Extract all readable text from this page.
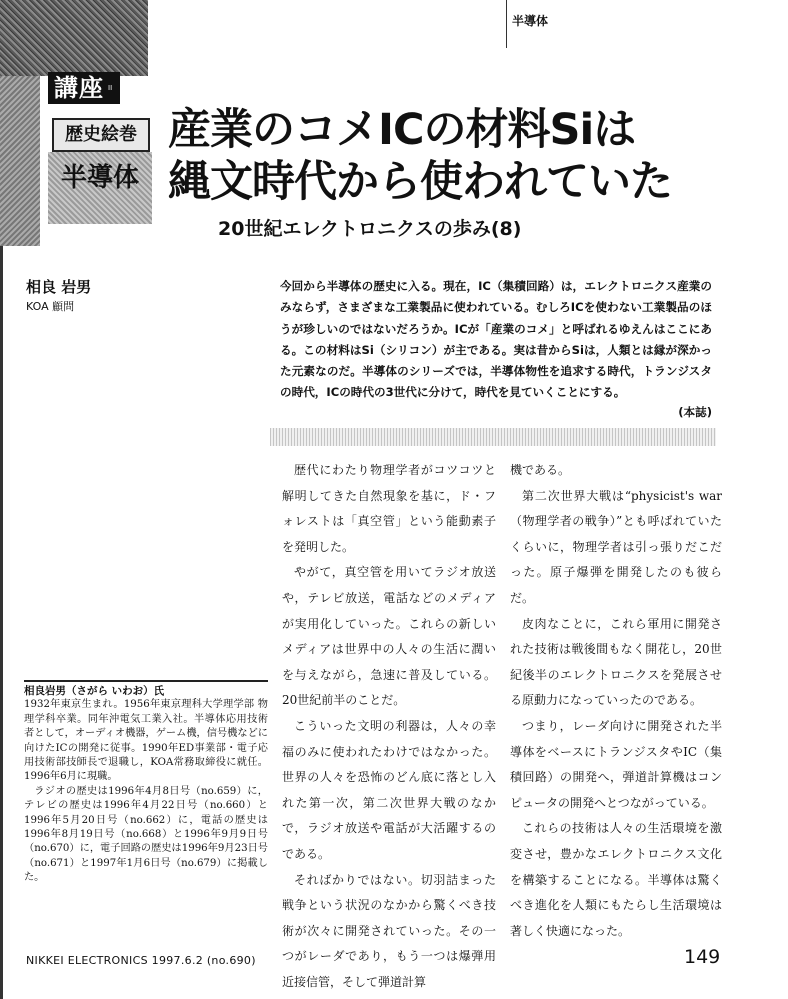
講座 II
歴史絵巻
半導体
半導体
産業のコメICの材料Siは
縄文時代から使われていた
20世紀エレクトロニクスの歩み(8)
相良 岩男
KOA 顧問
今回から半導体の歴史に入る。現在，IC（集積回路）は，エレクトロニクス産業のみならず，さまざまな工業製品に使われている。むしろICを使わない工業製品のほうが珍しいのではないだろうか。ICが「産業のコメ」と呼ばれるゆえんはここにある。この材料はSi（シリコン）が主である。実は昔からSiは，人類とは縁が深かった元素なのだ。半導体のシリーズでは，半導体物性を追求する時代，トランジスタの時代，ICの時代の3世代に分けて，時代を見ていくことにする。
(本誌)

歴代にわたり物理学者がコツコツと解明してきた自然現象を基に，ド・フォレストは「真空管」という能動素子を発明した。

やがて，真空管を用いてラジオ放送や，テレビ放送，電話などのメディアが実用化していった。これらの新しいメディアは世界中の人々の生活に潤いを与えながら，急速に普及している。20世紀前半のことだ。

こういった文明の利器は，人々の幸福のみに使われたわけではなかった。世界の人々を恐怖のどん底に落とし入れた第一次，第二次世界大戦のなかで，ラジオ放送や電話が大活躍するのである。

そればかりではない。切羽詰まった戦争という状況のなかから驚くべき技術が次々に開発されていった。その一つがレーダであり，もう一つは爆弾用近接信管，そして弾道計算

機である。

第二次世界大戦は“physicist's war（物理学者の戦争）”とも呼ばれていたくらいに，物理学者は引っ張りだこだった。原子爆弾を開発したのも彼らだ。

皮肉なことに，これら軍用に開発された技術は戦後間もなく開花し，20世紀後半のエレクトロニクスを発展させる原動力になっていったのである。

つまり，レーダ向けに開発された半導体をベースにトランジスタやIC（集積回路）の開発へ，弾道計算機はコンピュータの開発へとつながっている。

これらの技術は人々の生活環境を激変させ，豊かなエレクトロニクス文化を構築することになる。半導体は驚くべき進化を人類にもたらし生活環境は著しく快適になった。

相良岩男（さがら いわお）氏
1932年東京生まれ。1956年東京理科大学理学部 物理学科卒業。同年沖電気工業入社。半導体応用技術者として，オーディオ機器，ゲーム機，信号機などに向けたICの開発に従事。1990年ED事業部・電子応用技術部技師長で退職し，KOA常務取締役に就任。1996年6月に現職。
ラジオの歴史は1996年4月8日号（no.659）に，テレビの歴史は1996年4月22日号（no.660）と1996年5月20日号（no.662）に，電話の歴史は1996年8月19日号（no.668）と1996年9月9日号（no.670）に，電子回路の歴史は1996年9月23日号（no.671）と1997年1月6日号（no.679）に掲載した。
NIKKEI ELECTRONICS 1997.6.2 (no.690)	149
